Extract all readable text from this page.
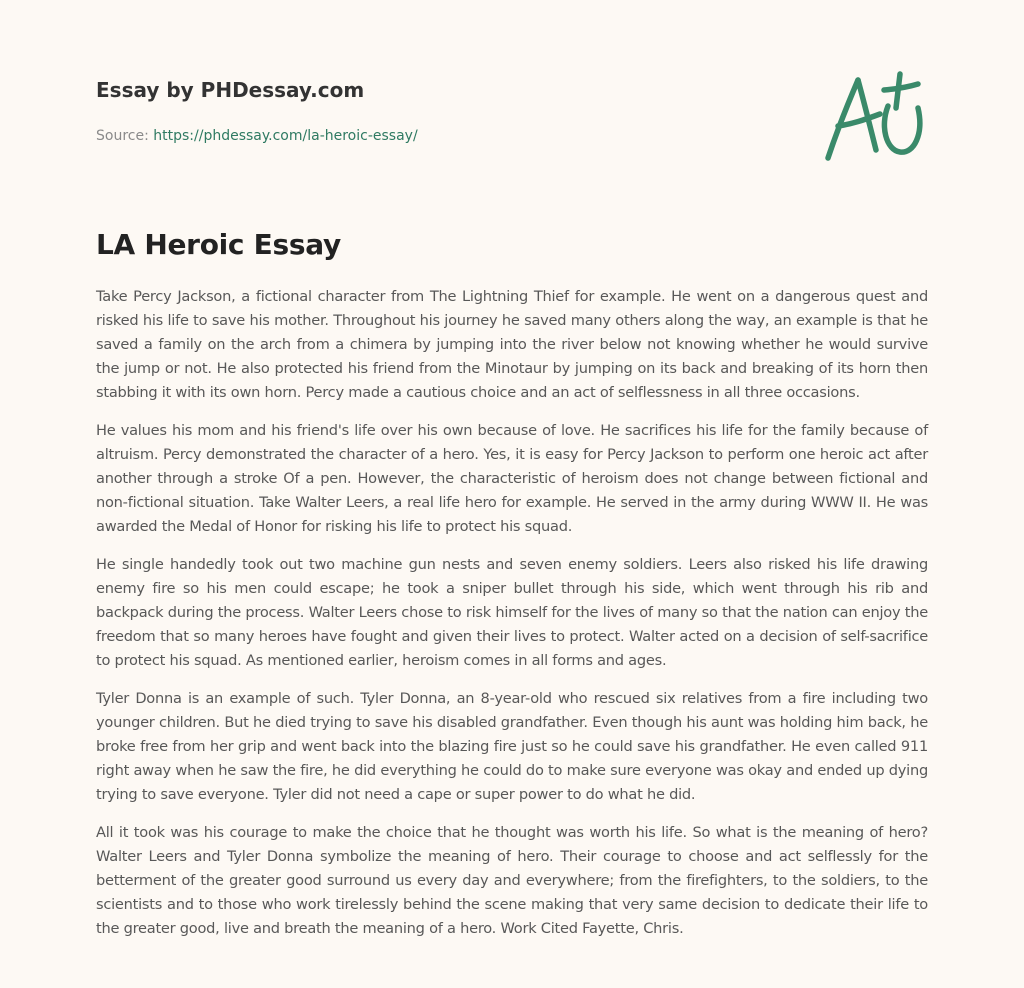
Essay by PHDessay.com
Source: https://phdessay.com/la-heroic-essay/
LA Heroic Essay

Take Percy Jackson, a fictional character from The Lightning Thief for example. He went on a dangerous quest and risked his life to save his mother. Throughout his journey he saved many others along the way, an example is that he saved a family on the arch from a chimera by jumping into the river below not knowing whether he would survive the jump or not. He also protected his friend from the Minotaur by jumping on its back and breaking of its horn then stabbing it with its own horn. Percy made a cautious choice and an act of selflessness in all three occasions.

He values his mom and his friend's life over his own because of love. He sacrifices his life for the family because of altruism. Percy demonstrated the character of a hero. Yes, it is easy for Percy Jackson to perform one heroic act after another through a stroke Of a pen. However, the characteristic of heroism does not change between fictional and non-fictional situation. Take Walter Leers, a real life hero for example. He served in the army during WWW II. He was awarded the Medal of Honor for risking his life to protect his squad.

He single handedly took out two machine gun nests and seven enemy soldiers. Leers also risked his life drawing enemy fire so his men could escape; he took a sniper bullet through his side, which went through his rib and backpack during the process. Walter Leers chose to risk himself for the lives of many so that the nation can enjoy the freedom that so many heroes have fought and given their lives to protect. Walter acted on a decision of self-sacrifice to protect his squad. As mentioned earlier, heroism comes in all forms and ages.

Tyler Donna is an example of such. Tyler Donna, an 8-year-old who rescued six relatives from a fire including two younger children. But he died trying to save his disabled grandfather. Even though his aunt was holding him back, he broke free from her grip and went back into the blazing fire just so he could save his grandfather. He even called 911 right away when he saw the fire, he did everything he could do to make sure everyone was okay and ended up dying trying to save everyone. Tyler did not need a cape or super power to do what he did.

All it took was his courage to make the choice that he thought was worth his life. So what is the meaning of hero? Walter Leers and Tyler Donna symbolize the meaning of hero. Their courage to choose and act selflessly for the betterment of the greater good surround us every day and everywhere; from the firefighters, to the soldiers, to the scientists and to those who work tirelessly behind the scene making that very same decision to dedicate their life to the greater good, live and breath the meaning of a hero. Work Cited Fayette, Chris.
